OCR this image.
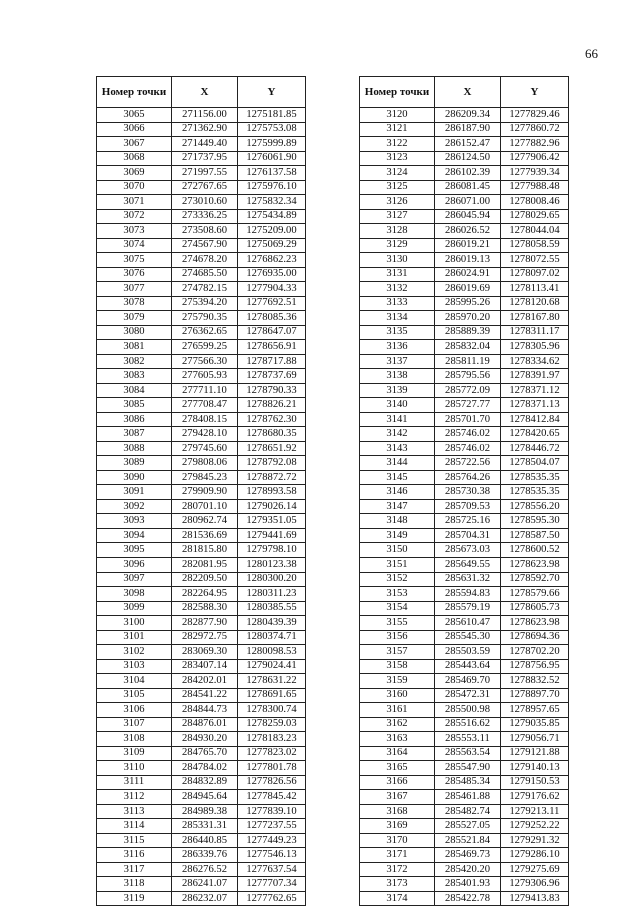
66
Номер точки	X	Y
3065	271156.00	1275181.85
3066	271362.90	1275753.08
3067	271449.40	1275999.89
3068	271737.95	1276061.90
3069	271997.55	1276137.58
3070	272767.65	1275976.10
3071	273010.60	1275832.34
3072	273336.25	1275434.89
3073	273508.60	1275209.00
3074	274567.90	1275069.29
3075	274678.20	1276862.23
3076	274685.50	1276935.00
3077	274782.15	1277904.33
3078	275394.20	1277692.51
3079	275790.35	1278085.36
3080	276362.65	1278647.07
3081	276599.25	1278656.91
3082	277566.30	1278717.88
3083	277605.93	1278737.69
3084	277711.10	1278790.33
3085	277708.47	1278826.21
3086	278408.15	1278762.30
3087	279428.10	1278680.35
3088	279745.60	1278651.92
3089	279808.06	1278792.08
3090	279845.23	1278872.72
3091	279909.90	1278993.58
3092	280701.10	1279026.14
3093	280962.74	1279351.05
3094	281536.69	1279441.69
3095	281815.80	1279798.10
3096	282081.95	1280123.38
3097	282209.50	1280300.20
3098	282264.95	1280311.23
3099	282588.30	1280385.55
3100	282877.90	1280439.39
3101	282972.75	1280374.71
3102	283069.30	1280098.53
3103	283407.14	1279024.41
3104	284202.01	1278631.22
3105	284541.22	1278691.65
3106	284844.73	1278300.74
3107	284876.01	1278259.03
3108	284930.20	1278183.23
3109	284765.70	1277823.02
3110	284784.02	1277801.78
3111	284832.89	1277826.56
3112	284945.64	1277845.42
3113	284989.38	1277839.10
3114	285331.31	1277237.55
3115	286440.85	1277449.23
3116	286339.76	1277546.13
3117	286276.52	1277637.54
3118	286241.07	1277707.34
3119	286232.07	1277762.65
Номер точки	X	Y
3120	286209.34	1277829.46
3121	286187.90	1277860.72
3122	286152.47	1277882.96
3123	286124.50	1277906.42
3124	286102.39	1277939.34
3125	286081.45	1277988.48
3126	286071.00	1278008.46
3127	286045.94	1278029.65
3128	286026.52	1278044.04
3129	286019.21	1278058.59
3130	286019.13	1278072.55
3131	286024.91	1278097.02
3132	286019.69	1278113.41
3133	285995.26	1278120.68
3134	285970.20	1278167.80
3135	285889.39	1278311.17
3136	285832.04	1278305.96
3137	285811.19	1278334.62
3138	285795.56	1278391.97
3139	285772.09	1278371.12
3140	285727.77	1278371.13
3141	285701.70	1278412.84
3142	285746.02	1278420.65
3143	285746.02	1278446.72
3144	285722.56	1278504.07
3145	285764.26	1278535.35
3146	285730.38	1278535.35
3147	285709.53	1278556.20
3148	285725.16	1278595.30
3149	285704.31	1278587.50
3150	285673.03	1278600.52
3151	285649.55	1278623.98
3152	285631.32	1278592.70
3153	285594.83	1278579.66
3154	285579.19	1278605.73
3155	285610.47	1278623.98
3156	285545.30	1278694.36
3157	285503.59	1278702.20
3158	285443.64	1278756.95
3159	285469.70	1278832.52
3160	285472.31	1278897.70
3161	285500.98	1278957.65
3162	285516.62	1279035.85
3163	285553.11	1279056.71
3164	285563.54	1279121.88
3165	285547.90	1279140.13
3166	285485.34	1279150.53
3167	285461.88	1279176.62
3168	285482.74	1279213.11
3169	285527.05	1279252.22
3170	285521.84	1279291.32
3171	285469.73	1279286.10
3172	285420.20	1279275.69
3173	285401.93	1279306.96
3174	285422.78	1279413.83
